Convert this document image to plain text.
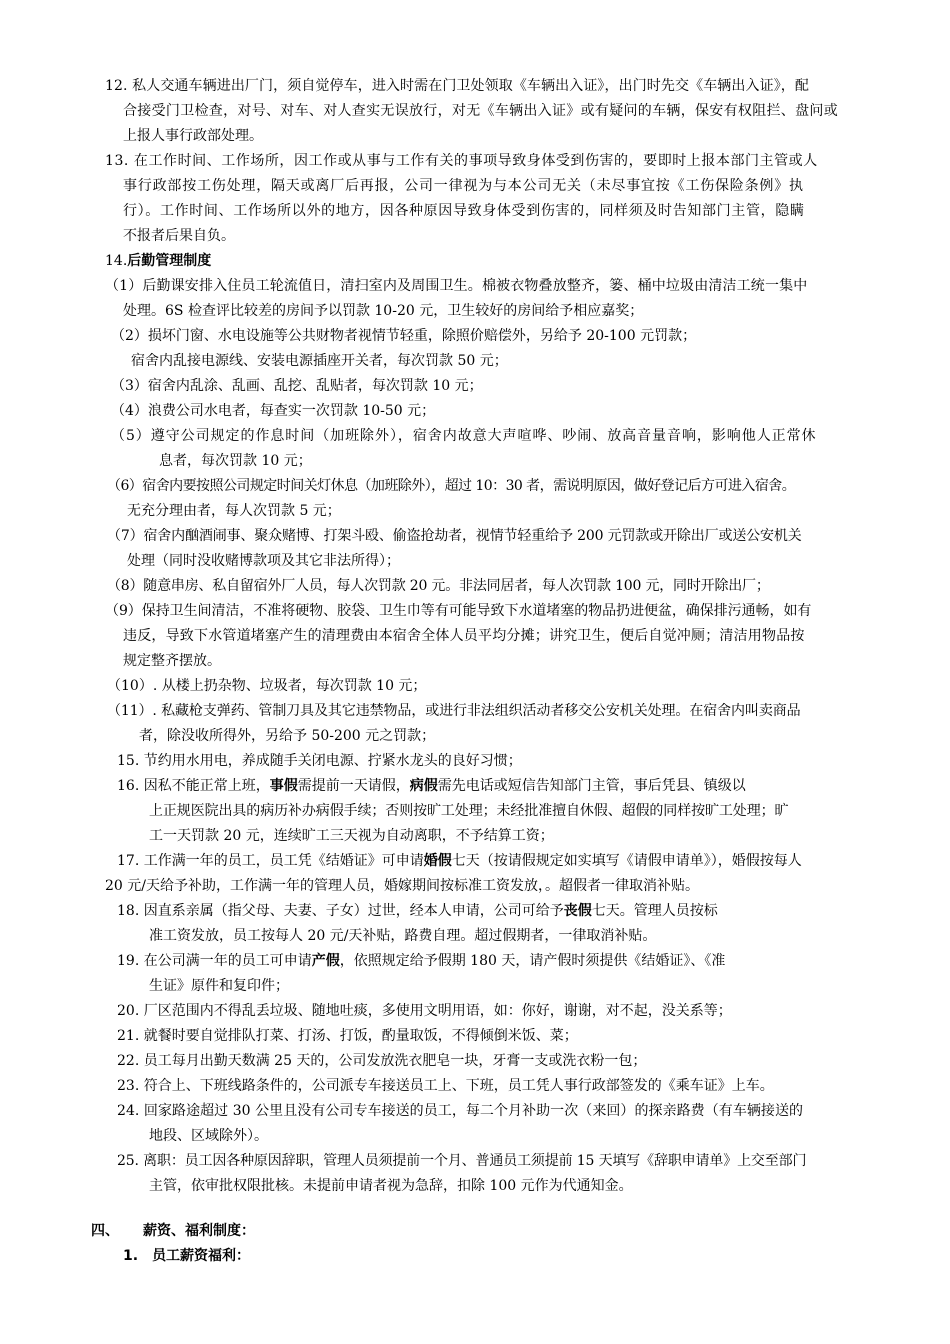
12. 私人交通车辆进出厂门，须自觉停车，进入时需在门卫处领取《车辆出入证》，出门时先交《车辆出入证》，配
合接受门卫检查，对号、对车、对人查实无误放行，对无《车辆出入证》或有疑问的车辆，保安有权阻拦、盘问或
上报人事行政部处理。
13. 在工作时间、工作场所，因工作或从事与工作有关的事项导致身体受到伤害的，要即时上报本部门主管或人
事行政部按工伤处理，隔天或离厂后再报，公司一律视为与本公司无关（未尽事宜按《工伤保险条例》执
行）。工作时间、工作场所以外的地方，因各种原因导致身体受到伤害的，同样须及时告知部门主管，隐瞒
不报者后果自负。
14.后勤管理制度
（1）后勤课安排入住员工轮流值日，清扫室内及周围卫生。棉被衣物叠放整齐，篓、桶中垃圾由清洁工统一集中
处理。6S 检查评比较差的房间予以罚款 10-20 元，卫生较好的房间给予相应嘉奖；
（2）损坏门窗、水电设施等公共财物者视情节轻重，除照价赔偿外，另给予 20-100 元罚款；
宿舍内乱接电源线、安装电源插座开关者，每次罚款 50 元；
（3）宿舍内乱涂、乱画、乱挖、乱贴者，每次罚款 10 元；
（4）浪费公司水电者，每查实一次罚款 10-50 元；
（5）遵守公司规定的作息时间（加班除外），宿舍内故意大声喧哗、吵闹、放高音量音响，影响他人正常休
息者，每次罚款 10 元；
（6）宿舍内要按照公司规定时间关灯休息（加班除外），超过 10：30 者，需说明原因，做好登记后方可进入宿舍。
无充分理由者，每人次罚款 5 元；
（7）宿舍内酗酒闹事、聚众赌博、打架斗殴、偷盗抢劫者，视情节轻重给予 200 元罚款或开除出厂或送公安机关
处理（同时没收赌博款项及其它非法所得）；
（8）随意串房、私自留宿外厂人员，每人次罚款 20 元。非法同居者，每人次罚款 100 元，同时开除出厂；
（9）保持卫生间清洁，不准将硬物、胶袋、卫生巾等有可能导致下水道堵塞的物品扔进便盆，确保排污通畅，如有
违反，导致下水管道堵塞产生的清理费由本宿舍全体人员平均分摊；讲究卫生，便后自觉冲厕；清洁用物品按
规定整齐摆放。
（10）. 从楼上扔杂物、垃圾者，每次罚款 10 元；
（11）. 私藏枪支弹药、管制刀具及其它违禁物品，或进行非法组织活动者移交公安机关处理。在宿舍内叫卖商品
者，除没收所得外，另给予 50-200 元之罚款；
15. 节约用水用电，养成随手关闭电源、拧紧水龙头的良好习惯；
16. 因私不能正常上班，事假需提前一天请假，病假需先电话或短信告知部门主管，事后凭县、镇级以
上正规医院出具的病历补办病假手续；否则按旷工处理；未经批准擅自休假、超假的同样按旷工处理；旷
工一天罚款 20 元，连续旷工三天视为自动离职，不予结算工资；
17. 工作满一年的员工，员工凭《结婚证》可申请婚假七天（按请假规定如实填写《请假申请单》），婚假按每人
20 元/天给予补助，工作满一年的管理人员，婚嫁期间按标准工资发放，。超假者一律取消补贴。
18. 因直系亲属（指父母、夫妻、子女）过世，经本人申请，公司可给予丧假七天。管理人员按标
准工资发放，员工按每人 20 元/天补贴，路费自理。超过假期者，一律取消补贴。
19. 在公司满一年的员工可申请产假，依照规定给予假期 180 天，请产假时须提供《结婚证》、《准
生证》原件和复印件；
20. 厂区范围内不得乱丢垃圾、随地吐痰，多使用文明用语，如：你好，谢谢，对不起，没关系等；
21. 就餐时要自觉排队打菜、打汤、打饭，酌量取饭，不得倾倒米饭、菜；
22. 员工每月出勤天数满 25 天的，公司发放洗衣肥皂一块，牙膏一支或洗衣粉一包；
23. 符合上、下班线路条件的，公司派专车接送员工上、下班，员工凭人事行政部签发的《乘车证》上车。
24. 回家路途超过 30 公里且没有公司专车接送的员工，每二个月补助一次（来回）的探亲路费（有车辆接送的
地段、区域除外）。
25. 离职：员工因各种原因辞职，管理人员须提前一个月、普通员工须提前 15 天填写《辞职申请单》上交至部门
主管，依审批权限批核。未提前申请者视为急辞，扣除 100 元作为代通知金。
四、 薪资、福利制度：
1. 员工薪资福利：
